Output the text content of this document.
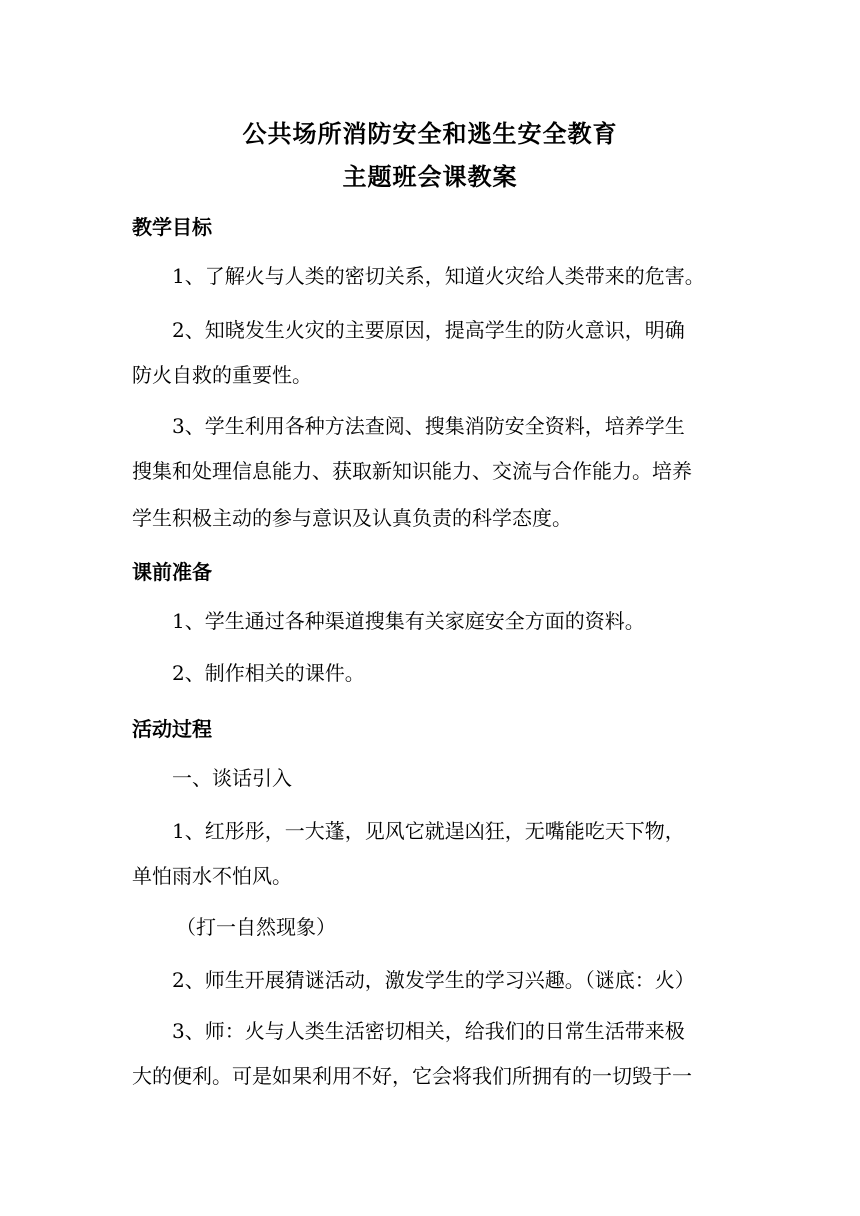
公共场所消防安全和逃生安全教育
主题班会课教案
教学目标
1、了解火与人类的密切关系，知道火灾给人类带来的危害。
2、知晓发生火灾的主要原因，提高学生的防火意识，明确
防火自救的重要性。
3、学生利用各种方法查阅、搜集消防安全资料，培养学生
搜集和处理信息能力、获取新知识能力、交流与合作能力。培养
学生积极主动的参与意识及认真负责的科学态度。
课前准备
1、学生通过各种渠道搜集有关家庭安全方面的资料。
2、制作相关的课件。
活动过程
一、谈话引入
1、红彤彤，一大蓬，见风它就逞凶狂，无嘴能吃天下物，
单怕雨水不怕风。
（打一自然现象）
2、师生开展猜谜活动，激发学生的学习兴趣。（谜底：火）
3、师：火与人类生活密切相关，给我们的日常生活带来极
大的便利。可是如果利用不好，它会将我们所拥有的一切毁于一
